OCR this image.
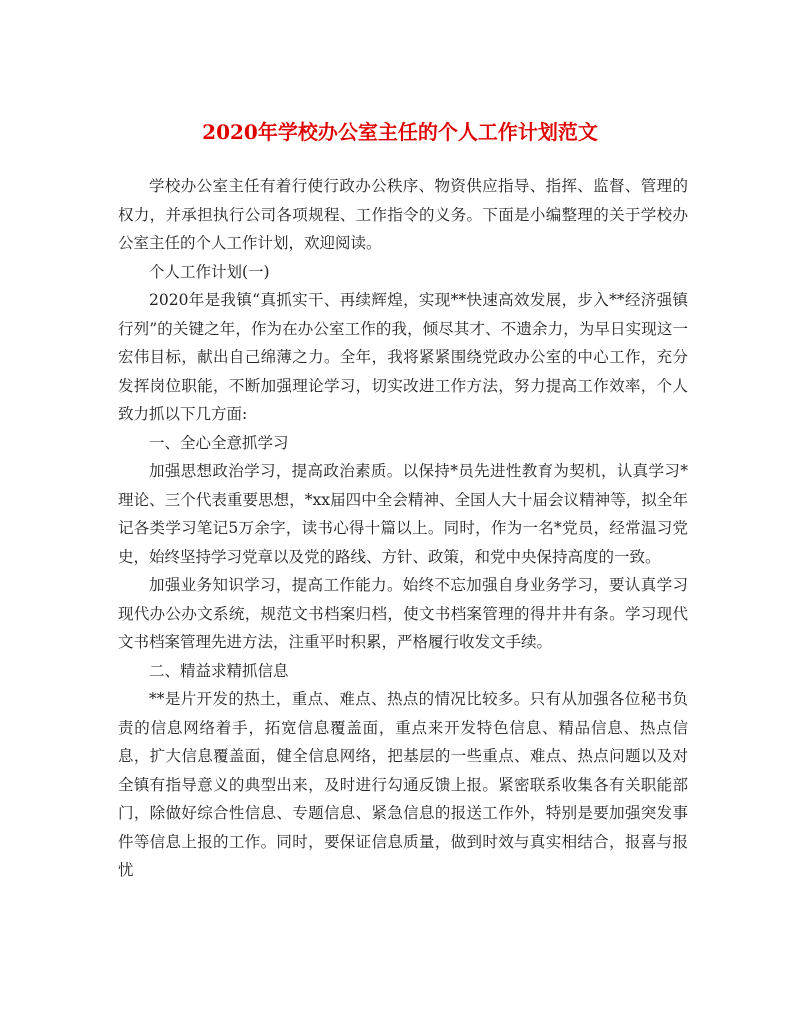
2020年学校办公室主任的个人工作计划范文

学校办公室主任有着行使行政办公秩序、物资供应指导、指挥、监督、管理的权力，并承担执行公司各项规程、工作指令的义务。下面是小编整理的关于学校办公室主任的个人工作计划，欢迎阅读。

个人工作计划(一)

2020年是我镇“真抓实干、再续辉煌，实现**快速高效发展，步入**经济强镇行列”的关键之年，作为在办公室工作的我，倾尽其才、不遗余力，为早日实现这一宏伟目标，献出自己绵薄之力。全年，我将紧紧围绕党政办公室的中心工作，充分发挥岗位职能，不断加强理论学习，切实改进工作方法，努力提高工作效率，个人致力抓以下几方面:

一、全心全意抓学习

加强思想政治学习，提高政治素质。以保持*员先进性教育为契机，认真学习*理论、三个代表重要思想，*xx届四中全会精神、全国人大十届会议精神等，拟全年记各类学习笔记5万余字，读书心得十篇以上。同时，作为一名*党员，经常温习党史，始终坚持学习党章以及党的路线、方针、政策，和党中央保持高度的一致。

加强业务知识学习，提高工作能力。始终不忘加强自身业务学习，要认真学习现代办公办文系统，规范文书档案归档，使文书档案管理的得井井有条。学习现代文书档案管理先进方法，注重平时积累，严格履行收发文手续。

二、精益求精抓信息

**是片开发的热土，重点、难点、热点的情况比较多。只有从加强各位秘书负责的信息网络着手，拓宽信息覆盖面，重点来开发特色信息、精品信息、热点信息，扩大信息覆盖面，健全信息网络，把基层的一些重点、难点、热点问题以及对全镇有指导意义的典型出来，及时进行勾通反馈上报。紧密联系收集各有关职能部门，除做好综合性信息、专题信息、紧急信息的报送工作外，特别是要加强突发事件等信息上报的工作。同时，要保证信息质量，做到时效与真实相结合，报喜与报忧
